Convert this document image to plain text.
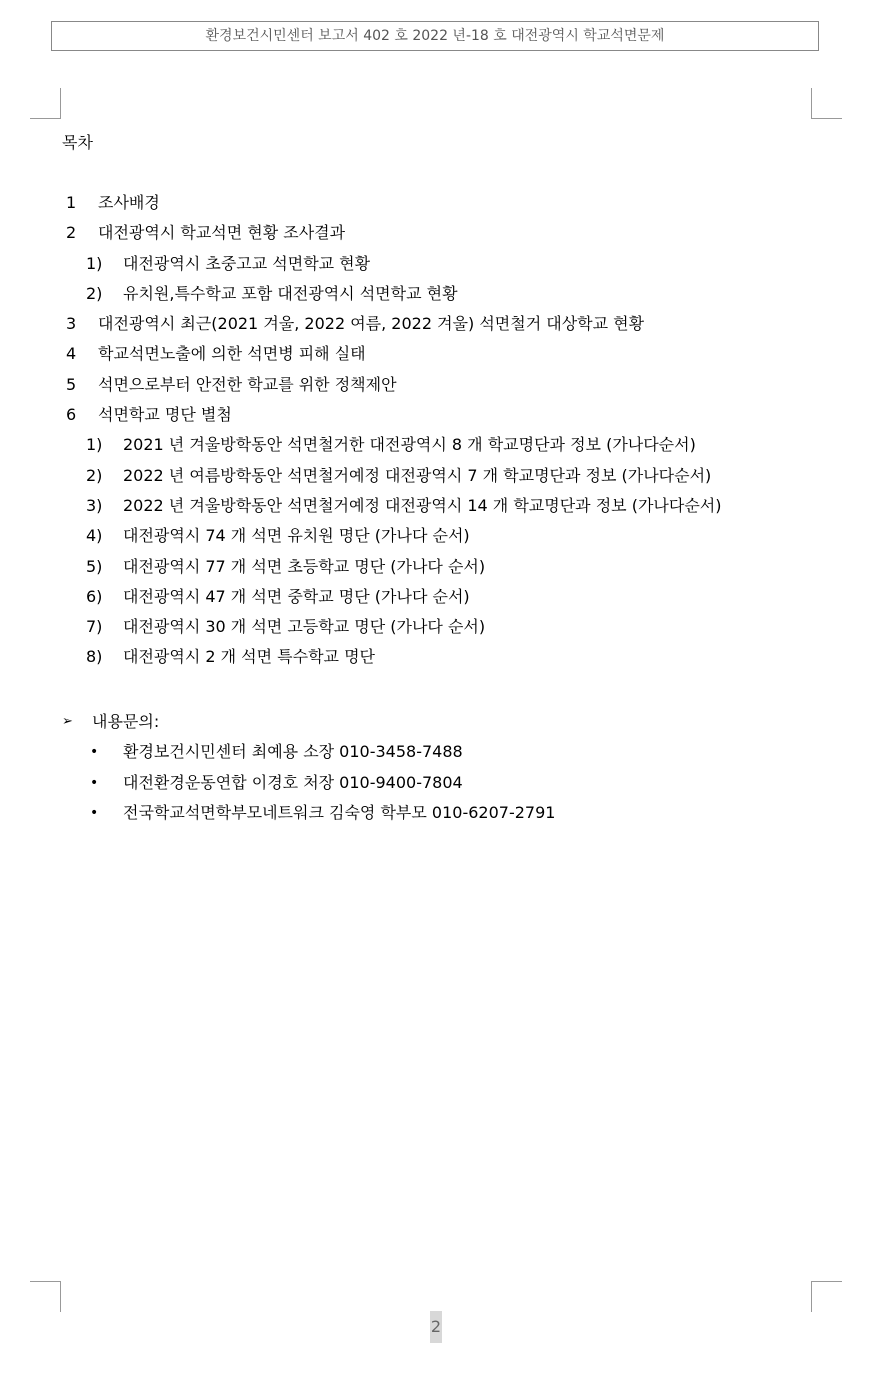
환경보건시민센터 보고서 402 호 2022 년-18 호 대전광역시 학교석면문제
목차
1 조사배경
2 대전광역시 학교석면 현황 조사결과
1) 대전광역시 초중고교 석면학교 현황
2) 유치원,특수학교 포함 대전광역시 석면학교 현황
3 대전광역시 최근(2021 겨울, 2022 여름, 2022 겨울) 석면철거 대상학교 현황
4 학교석면노출에 의한 석면병 피해 실태
5 석면으로부터 안전한 학교를 위한 정책제안
6 석면학교 명단 별첨
1) 2021 년 겨울방학동안 석면철거한 대전광역시 8 개 학교명단과 정보 (가나다순서)
2) 2022 년 여름방학동안 석면철거예정 대전광역시 7 개 학교명단과 정보 (가나다순서)
3) 2022 년 겨울방학동안 석면철거예정 대전광역시 14 개 학교명단과 정보 (가나다순서)
4) 대전광역시 74 개 석면 유치원 명단 (가나다 순서)
5) 대전광역시 77 개 석면 초등학교 명단 (가나다 순서)
6) 대전광역시 47 개 석면 중학교 명단 (가나다 순서)
7) 대전광역시 30 개 석면 고등학교 명단 (가나다 순서)
8) 대전광역시 2 개 석면 특수학교 명단
➢ 내용문의:
• 환경보건시민센터 최예용 소장 010-3458-7488
• 대전환경운동연합 이경호 처장 010-9400-7804
• 전국학교석면학부모네트워크 김숙영 학부모 010-6207-2791
2
